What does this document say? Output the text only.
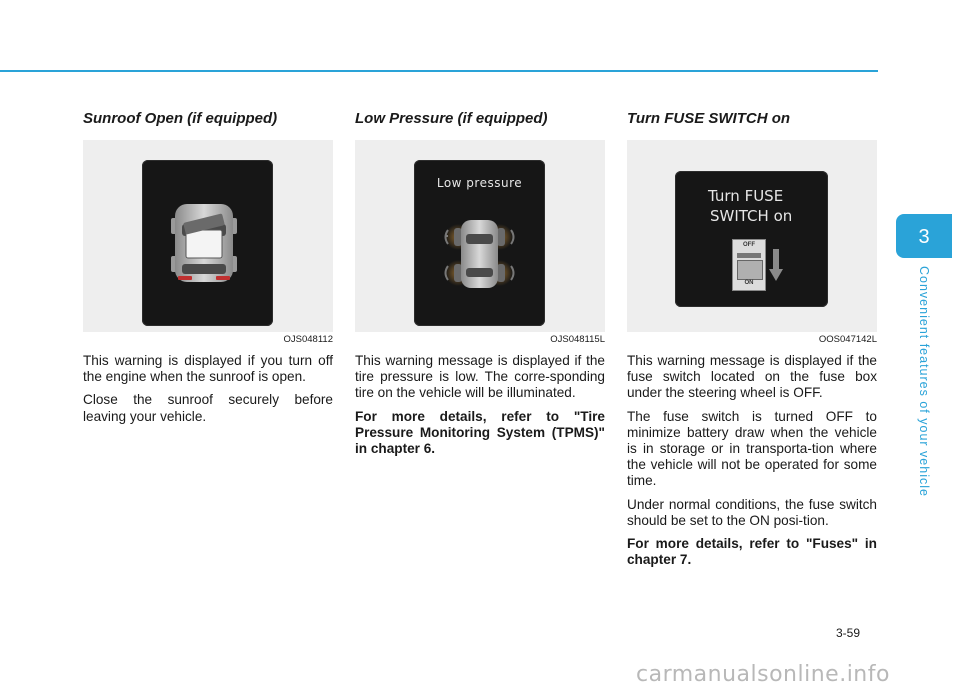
Sunroof Open (if equipped)
OJS048112

This warning is displayed if you turn off the engine when the sunroof is open.

Close the sunroof securely before leaving your vehicle.

Low Pressure (if equipped)
Low pressure
OJS048115L

This warning message is displayed if the tire pressure is low. The corre-sponding tire on the vehicle will be illuminated.

For more details, refer to "Tire Pressure Monitoring System (TPMS)" in chapter 6.

Turn FUSE SWITCH on
Turn FUSE
SWITCH on
OFF
ON
OOS047142L

This warning message is displayed if the fuse switch located on the fuse box under the steering wheel is OFF.

The fuse switch is turned OFF to minimize battery draw when the vehicle is in storage or in transporta-tion where the vehicle will not be operated for some time.

Under normal conditions, the fuse switch should be set to the ON posi-tion.

For more details, refer to "Fuses" in chapter 7.

3
Convenient features of your vehicle
3-59
carmanualsonline.info
